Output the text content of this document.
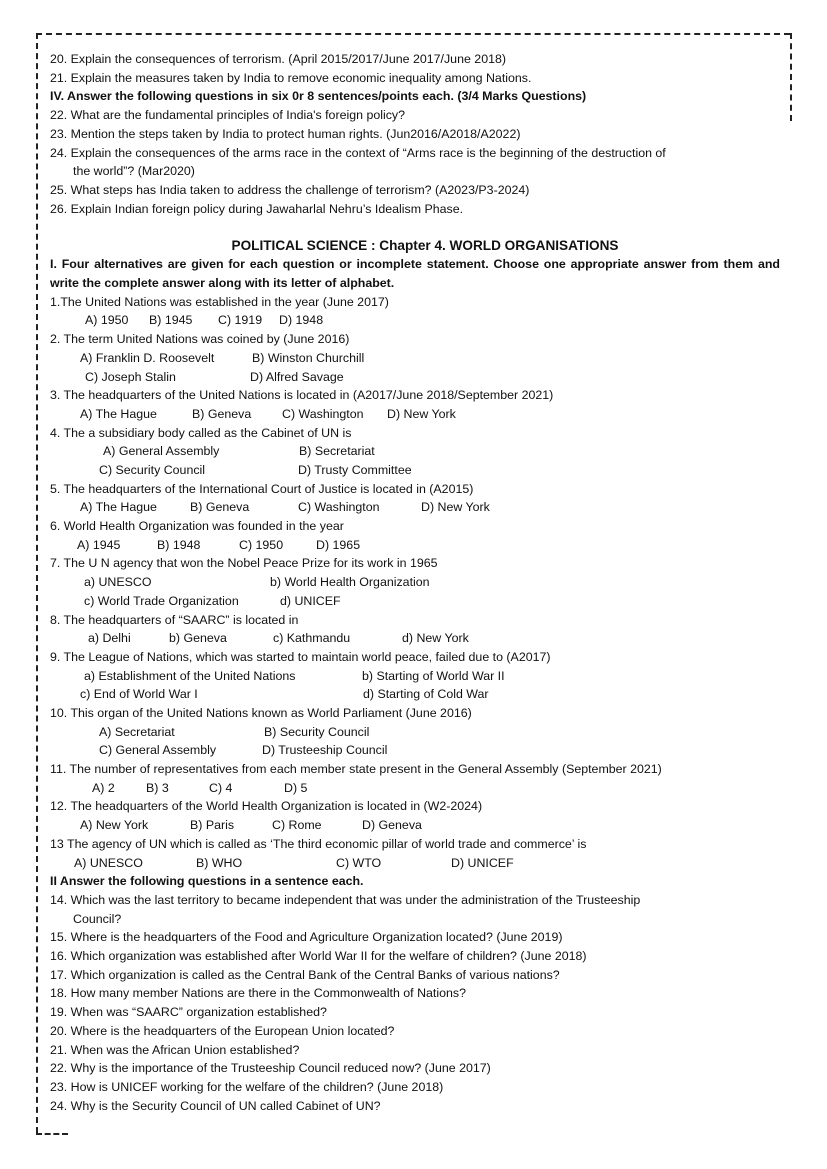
20. Explain the consequences of terrorism. (April 2015/2017/June 2017/June 2018)
21. Explain the measures taken by India to remove economic inequality among Nations.
IV. Answer the following questions in six 0r 8 sentences/points each. (3/4 Marks Questions)
22. What are the fundamental principles of India's foreign policy?
23. Mention the steps taken by India to protect human rights. (Jun2016/A2018/A2022)
24. Explain the consequences of the arms race in the context of “Arms race is the beginning of the destruction of
the world”? (Mar2020)
25. What steps has India taken to address the challenge of terrorism? (A2023/P3-2024)
26. Explain Indian foreign policy during Jawaharlal Nehru’s Idealism Phase.
POLITICAL SCIENCE : Chapter 4. WORLD ORGANISATIONS
I. Four alternatives are given for each question or incomplete statement. Choose one appropriate answer from them and write the complete answer along with its letter of alphabet.
1.The United Nations was established in the year (June 2017)
A) 1950 B) 1945 C) 1919 D) 1948
2. The term United Nations was coined by (June 2016)
A) Franklin D. Roosevelt	B) Winston Churchill
C) Joseph Stalin	D) Alfred Savage
3. The headquarters of the United Nations is located in (A2017/June 2018/September 2021)
A) The Hague	B) Geneva C) Washington D) New York
4. The a subsidiary body called as the Cabinet of UN is
A) General Assembly	B) Secretariat
C) Security Council	D) Trusty Committee
5. The headquarters of the International Court of Justice is located in (A2015)
A) The Hague	B) Geneva	C) Washington	D) New York
6. World Health Organization was founded in the year
A) 1945	B) 1948	C) 1950	D) 1965
7. The U N agency that won the Nobel Peace Prize for its work in 1965
a) UNESCO	b) World Health Organization
c) World Trade Organization	d) UNICEF
8. The headquarters of “SAARC” is located in
a) Delhi	b) Geneva	c) Kathmandu	d) New York
9. The League of Nations, which was started to maintain world peace, failed due to (A2017)
a) Establishment of the United Nations	b) Starting of World War II
c) End of World War I	d) Starting of Cold War
10. This organ of the United Nations known as World Parliament (June 2016)
A) Secretariat	B) Security Council
C) General Assembly	D) Trusteeship Council
11. The number of representatives from each member state present in the General Assembly (September 2021)
A) 2	B) 3	C) 4	D) 5
12. The headquarters of the World Health Organization is located in (W2-2024)
A) New York	B) Paris	C) Rome	D) Geneva
13 The agency of UN which is called as ‘The third economic pillar of world trade and commerce’ is
A) UNESCO	B) WHO	C) WTO	D) UNICEF
II Answer the following questions in a sentence each.
14. Which was the last territory to became independent that was under the administration of the Trusteeship
Council?
15. Where is the headquarters of the Food and Agriculture Organization located? (June 2019)
16. Which organization was established after World War II for the welfare of children? (June 2018)
17. Which organization is called as the Central Bank of the Central Banks of various nations?
18. How many member Nations are there in the Commonwealth of Nations?
19. When was “SAARC” organization established?
20. Where is the headquarters of the European Union located?
21. When was the African Union established?
22. Why is the importance of the Trusteeship Council reduced now? (June 2017)
23. How is UNICEF working for the welfare of the children? (June 2018)
24. Why is the Security Council of UN called Cabinet of UN?
